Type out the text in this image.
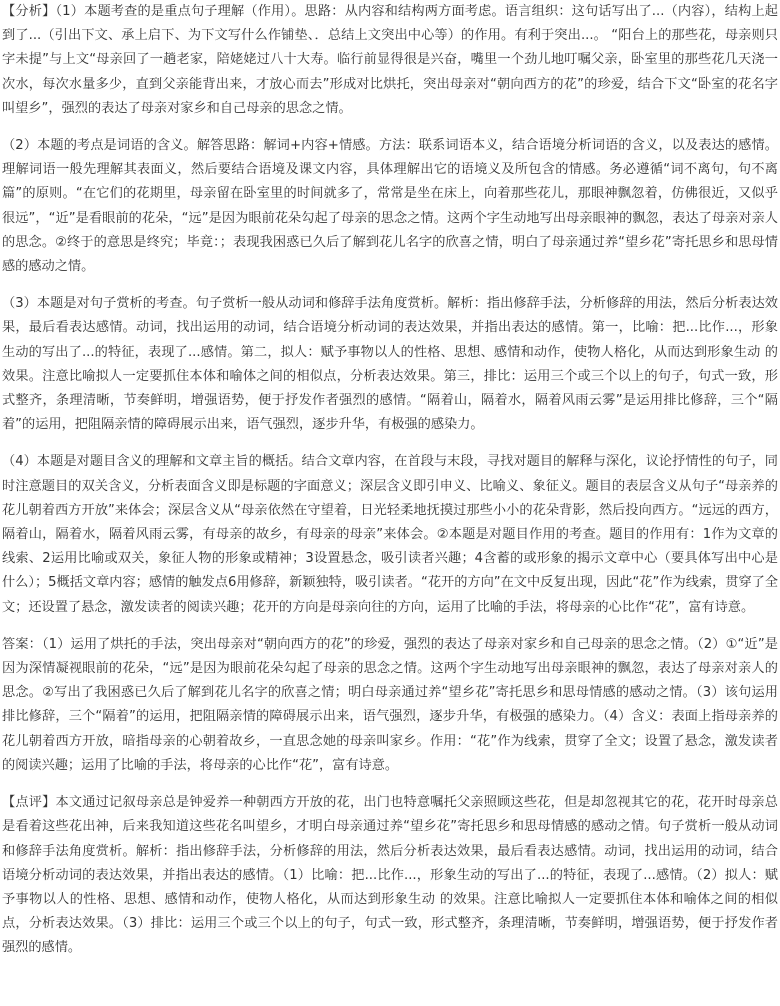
【分析】（1）本题考查的是重点句子理解（作用）。思路：从内容和结构两方面考虑。语言组织：这句话写出了...（内容），结构上起到了...（引出下文、承上启下、为下文写什么作铺垫、．总结上文突出中心等）的作用。有利于突出...。 “阳台上的那些花，母亲则只字未提”与上文“母亲回了一趟老家，陪姥姥过八十大寿。临行前显得很是兴奋，嘴里一个劲儿地叮嘱父亲，卧室里的那些花几天浇一次水，每次水量多少，直到父亲能背出来，才放心而去”形成对比烘托，突出母亲对“朝向西方的花”的珍爱，结合下文“卧室的花名字叫望乡”，强烈的表达了母亲对家乡和自己母亲的思念之情。

（2）本题的考点是词语的含义。解答思路：解词+内容+情感。方法：联系词语本义，结合语境分析词语的含义，以及表达的感情。理解词语一般先理解其表面义，然后要结合语境及课文内容，具体理解出它的语境义及所包含的情感。务必遵循“词不离句，句不离篇”的原则。“在它们的花期里，母亲留在卧室里的时间就多了，常常是坐在床上，向着那些花儿，那眼神飘忽着，仿佛很近，又似乎很远”，“近”是看眼前的花朵，“远”是因为眼前花朵勾起了母亲的思念之情。这两个字生动地写出母亲眼神的飘忽，表达了母亲对亲人的思念。②终于的意思是终究；毕竟：；表现我困惑已久后了解到花儿名字的欣喜之情，明白了母亲通过养“望乡花”寄托思乡和思母情感的感动之情。

（3）本题是对句子赏析的考查。句子赏析一般从动词和修辞手法角度赏析。解析：指出修辞手法，分析修辞的用法，然后分析表达效果，最后看表达感情。动词，找出运用的动词，结合语境分析动词的表达效果，并指出表达的感情。第一，比喻：把...比作...，形象生动的写出了...的特征，表现了...感情。第二，拟人：赋予事物以人的性格、思想、感情和动作，使物人格化，从而达到形象生动 的效果。注意比喻拟人一定要抓住本体和喻体之间的相似点，分析表达效果。第三，排比：运用三个或三个以上的句子，句式一致，形式整齐，条理清晰，节奏鲜明，增强语势，便于抒发作者强烈的感情。“隔着山，隔着水，隔着风雨云雾”是运用排比修辞，三个“隔着”的运用，把阻隔亲情的障碍展示出来，语气强烈，逐步升华，有极强的感染力。

（4）本题是对题目含义的理解和文章主旨的概括。结合文章内容，在首段与末段，寻找对题目的解释与深化，议论抒情性的句子，同时注意题目的双关含义，分析表面含义即是标题的字面意义；深层含义即引申义、比喻义、象征义。题目的表层含义从句子“母亲养的花儿朝着西方开放”来体会；深层含义从“母亲依然在守望着，日光轻柔地抚摸过那些小小的花朵背影，然后投向西方。“远远的西方，隔着山，隔着水，隔着风雨云雾，有母亲的故乡，有母亲的母亲”来体会。②本题是对题目作用的考查。题目的作用有：1作为文章的线索、2运用比喻或双关，象征人物的形象或精神；3设置悬念，吸引读者兴趣；4含蓄的或形象的揭示文章中心（要具体写出中心是什么）；5概括文章内容；感情的触发点6用修辞，新颖独特，吸引读者。“花开的方向”在文中反复出现，因此“花”作为线索，贯穿了全文；还设置了悬念，激发读者的阅读兴趣；花开的方向是母亲向往的方向，运用了比喻的手法，将母亲的心比作“花”，富有诗意。

答案：（1）运用了烘托的手法，突出母亲对“朝向西方的花”的珍爱，强烈的表达了母亲对家乡和自己母亲的思念之情。（2）①“近”是因为深情凝视眼前的花朵，“远”是因为眼前花朵勾起了母亲的思念之情。这两个字生动地写出母亲眼神的飘忽，表达了母亲对亲人的思念。②写出了我困惑已久后了解到花儿名字的欣喜之情；明白母亲通过养“望乡花”寄托思乡和思母情感的感动之情。（3）该句运用排比修辞，三个“隔着”的运用，把阻隔亲情的障碍展示出来，语气强烈，逐步升华，有极强的感染力。（4）含义：表面上指母亲养的花儿朝着西方开放，暗指母亲的心朝着故乡，一直思念她的母亲叫家乡。作用：“花”作为线索，贯穿了全文；设置了悬念，激发读者的阅读兴趣；运用了比喻的手法，将母亲的心比作“花”，富有诗意。

【点评】本文通过记叙母亲总是钟爱养一种朝西方开放的花，出门也特意嘱托父亲照顾这些花，但是却忽视其它的花，花开时母亲总是看着这些花出神，后来我知道这些花名叫望乡，才明白母亲通过养“望乡花”寄托思乡和思母情感的感动之情。句子赏析一般从动词和修辞手法角度赏析。解析：指出修辞手法，分析修辞的用法，然后分析表达效果，最后看表达感情。动词，找出运用的动词，结合语境分析动词的表达效果，并指出表达的感情。（1）比喻：把...比作...，形象生动的写出了...的特征，表现了...感情。（2）拟人：赋予事物以人的性格、思想、感情和动作，使物人格化，从而达到形象生动 的效果。注意比喻拟人一定要抓住本体和喻体之间的相似点，分析表达效果。（3）排比：运用三个或三个以上的句子，句式一致，形式整齐，条理清晰，节奏鲜明，增强语势，便于抒发作者强烈的感情。
